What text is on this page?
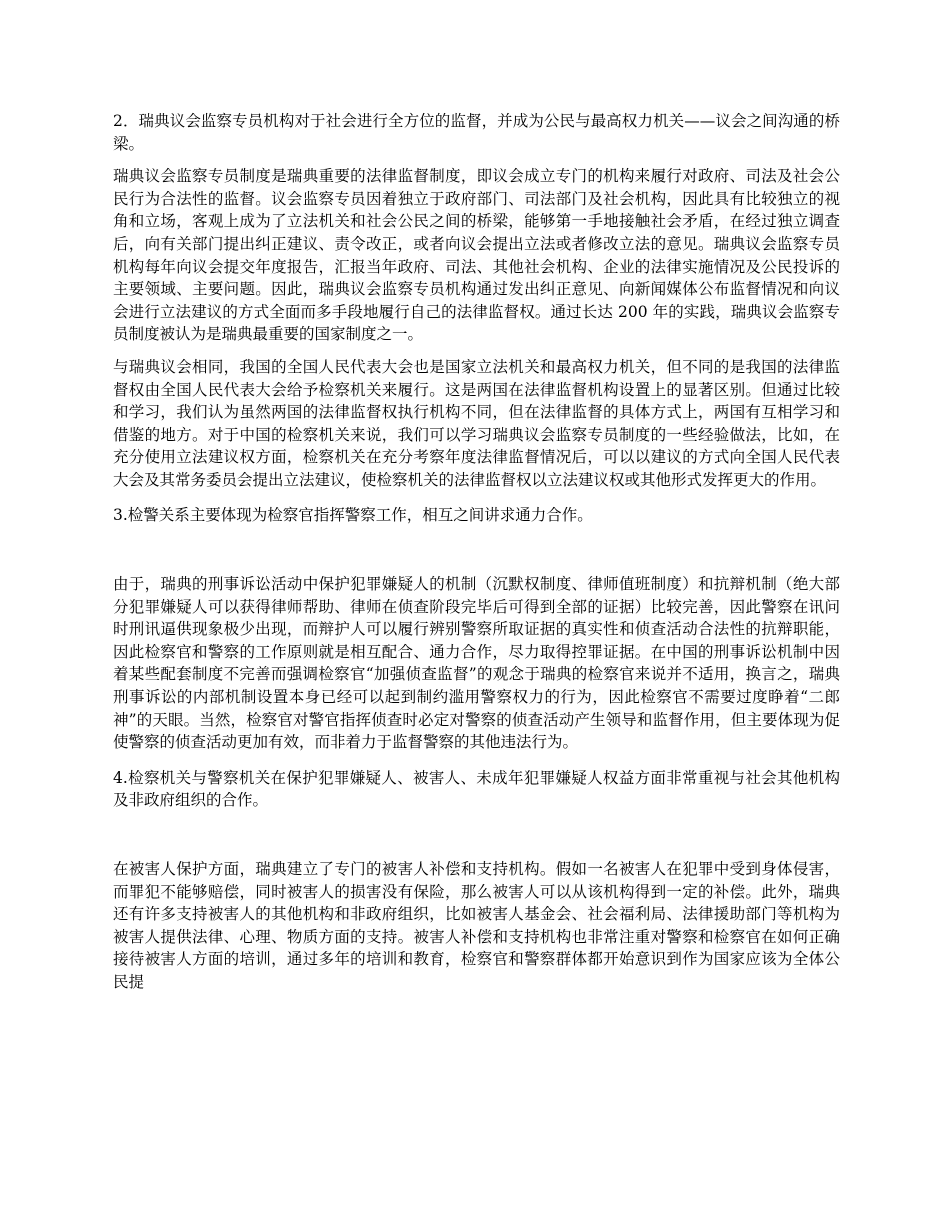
2．瑞典议会监察专员机构对于社会进行全方位的监督，并成为公民与最高权力机关——议会之间沟通的桥梁。

瑞典议会监察专员制度是瑞典重要的法律监督制度，即议会成立专门的机构来履行对政府、司法及社会公民行为合法性的监督。议会监察专员因着独立于政府部门、司法部门及社会机构，因此具有比较独立的视角和立场，客观上成为了立法机关和社会公民之间的桥梁，能够第一手地接触社会矛盾，在经过独立调查后，向有关部门提出纠正建议、责令改正，或者向议会提出立法或者修改立法的意见。瑞典议会监察专员机构每年向议会提交年度报告，汇报当年政府、司法、其他社会机构、企业的法律实施情况及公民投诉的主要领域、主要问题。因此，瑞典议会监察专员机构通过发出纠正意见、向新闻媒体公布监督情况和向议会进行立法建议的方式全面而多手段地履行自己的法律监督权。通过长达 200 年的实践，瑞典议会监察专员制度被认为是瑞典最重要的国家制度之一。

与瑞典议会相同，我国的全国人民代表大会也是国家立法机关和最高权力机关，但不同的是我国的法律监督权由全国人民代表大会给予检察机关来履行。这是两国在法律监督机构设置上的显著区别。但通过比较和学习，我们认为虽然两国的法律监督权执行机构不同，但在法律监督的具体方式上，两国有互相学习和借鉴的地方。对于中国的检察机关来说，我们可以学习瑞典议会监察专员制度的一些经验做法，比如，在充分使用立法建议权方面，检察机关在充分考察年度法律监督情况后，可以以建议的方式向全国人民代表大会及其常务委员会提出立法建议，使检察机关的法律监督权以立法建议权或其他形式发挥更大的作用。

3.检警关系主要体现为检察官指挥警察工作，相互之间讲求通力合作。

由于，瑞典的刑事诉讼活动中保护犯罪嫌疑人的机制（沉默权制度、律师值班制度）和抗辩机制（绝大部分犯罪嫌疑人可以获得律师帮助、律师在侦查阶段完毕后可得到全部的证据）比较完善，因此警察在讯问时刑讯逼供现象极少出现，而辩护人可以履行辨别警察所取证据的真实性和侦查活动合法性的抗辩职能，因此检察官和警察的工作原则就是相互配合、通力合作，尽力取得控罪证据。在中国的刑事诉讼机制中因着某些配套制度不完善而强调检察官“加强侦查监督”的观念于瑞典的检察官来说并不适用，换言之，瑞典刑事诉讼的内部机制设置本身已经可以起到制约滥用警察权力的行为，因此检察官不需要过度睁着“二郎神”的天眼。当然，检察官对警官指挥侦查时必定对警察的侦查活动产生领导和监督作用，但主要体现为促使警察的侦查活动更加有效，而非着力于监督警察的其他违法行为。

4.检察机关与警察机关在保护犯罪嫌疑人、被害人、未成年犯罪嫌疑人权益方面非常重视与社会其他机构及非政府组织的合作。

在被害人保护方面，瑞典建立了专门的被害人补偿和支持机构。假如一名被害人在犯罪中受到身体侵害，而罪犯不能够赔偿，同时被害人的损害没有保险，那么被害人可以从该机构得到一定的补偿。此外，瑞典还有许多支持被害人的其他机构和非政府组织，比如被害人基金会、社会福利局、法律援助部门等机构为被害人提供法律、心理、物质方面的支持。被害人补偿和支持机构也非常注重对警察和检察官在如何正确接待被害人方面的培训，通过多年的培训和教育，检察官和警察群体都开始意识到作为国家应该为全体公民提
